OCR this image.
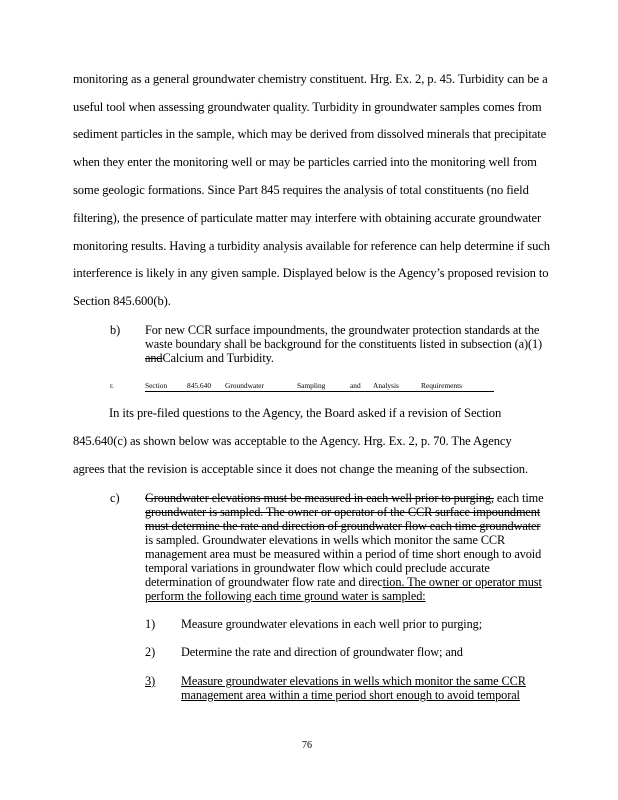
monitoring as a general groundwater chemistry constituent. Hrg. Ex. 2, p. 45. Turbidity can be a
useful tool when assessing groundwater quality. Turbidity in groundwater samples comes from
sediment particles in the sample, which may be derived from dissolved minerals that precipitate
when they enter the monitoring well or may be particles carried into the monitoring well from
some geologic formations. Since Part 845 requires the analysis of total constituents (no field
filtering), the presence of particulate matter may interfere with obtaining accurate groundwater
monitoring results. Having a turbidity analysis available for reference can help determine if such
interference is likely in any given sample. Displayed below is the Agency’s proposed revision to
Section 845.600(b).
b) For new CCR surface impoundments, the groundwater protection standards at the
waste boundary shall be background for the constituents listed in subsection (a)(1)
andCalcium and Turbidity.
r.	Section	845.640 Groundwater	Sampling	and Analysis	Requirements
In its pre-filed questions to the Agency, the Board asked if a revision of Section
845.640(c) as shown below was acceptable to the Agency. Hrg. Ex. 2, p. 70. The Agency
agrees that the revision is acceptable since it does not change the meaning of the subsection.
c) Groundwater elevations must be measured in each well prior to purging, each time
groundwater is sampled. The owner or operator of the CCR surface impoundment
must determine the rate and direction of groundwater flow each time groundwater
is sampled. Groundwater elevations in wells which monitor the same CCR
management area must be measured within a period of time short enough to avoid
temporal variations in groundwater flow which could preclude accurate
determination of groundwater flow rate and direction. The owner or operator must
perform the following each time ground water is sampled:
1) Measure groundwater elevations in each well prior to purging;
2) Determine the rate and direction of groundwater flow; and
3) Measure groundwater elevations in wells which monitor the same CCR
management area within a time period short enough to avoid temporal
76
